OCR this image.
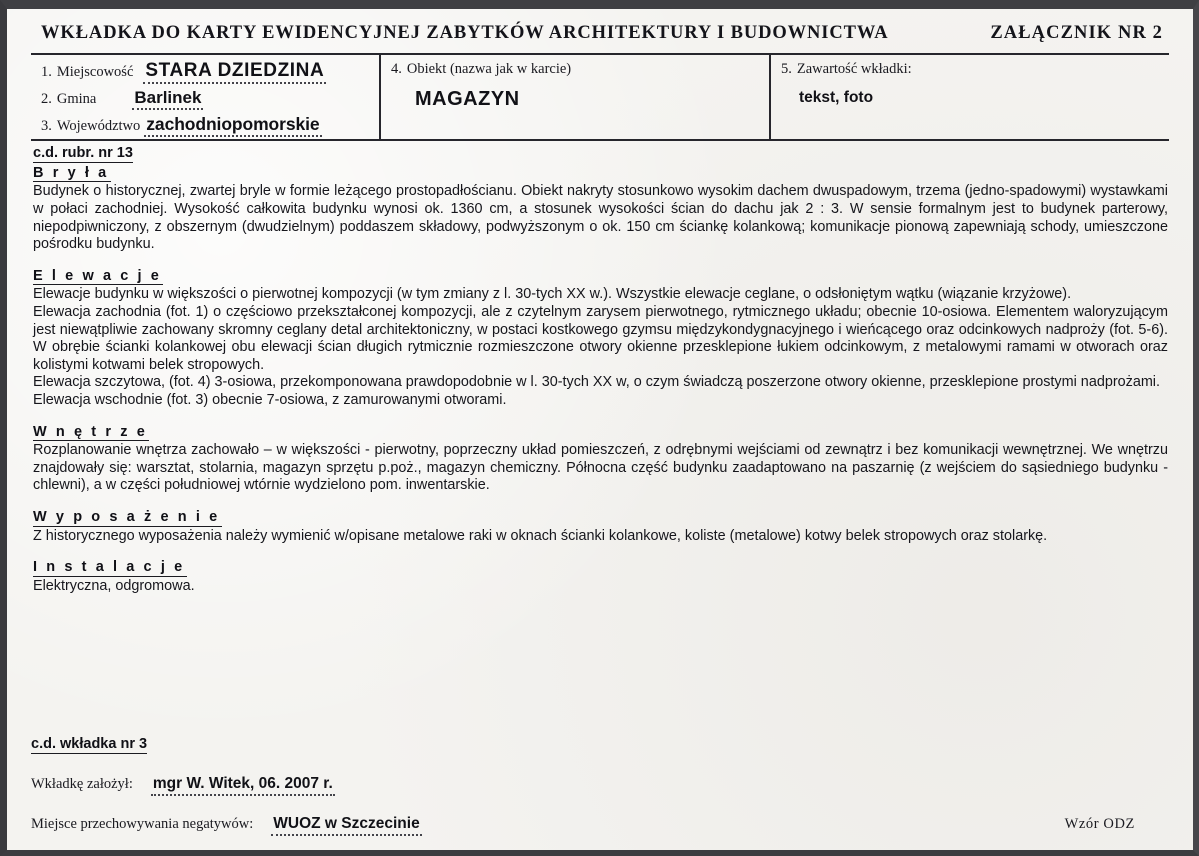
WKŁADKA DO KARTY EWIDENCYJNEJ ZABYTKÓW ARCHITEKTURY I BUDOWNICTWA	ZAŁĄCZNIK NR 2
1. Miejscowość STARA DZIEDZINA
2. Gmina Barlinek
3. Województwo zachodniopomorskie
4. Obiekt (nazwa jak w karcie)
MAGAZYN
5. Zawartość wkładki:
tekst, foto
c.d. rubr. nr 13
B r y ł a

Budynek o historycznej, zwartej bryle w formie leżącego prostopadłościanu. Obiekt nakryty stosunkowo wysokim dachem dwuspadowym, trzema (jedno-spadowymi) wystawkami w połaci zachodniej. Wysokość całkowita budynku wynosi ok. 1360 cm, a stosunek wysokości ścian do dachu jak 2 : 3. W sensie formalnym jest to budynek parterowy, niepodpiwniczony, z obszernym (dwudzielnym) poddaszem składowy, podwyższonym o ok. 150 cm ściankę kolankową; komunikacje pionową zapewniają schody, umieszczone pośrodku budynku.

E l e w a c j e

Elewacje budynku w większości o pierwotnej kompozycji (w tym zmiany z l. 30-tych XX w.). Wszystkie elewacje ceglane, o odsłoniętym wątku (wiązanie krzyżowe).

Elewacja zachodnia (fot. 1) o częściowo przekształconej kompozycji, ale z czytelnym zarysem pierwotnego, rytmicznego układu; obecnie 10-osiowa. Elementem waloryzującym jest niewątpliwie zachowany skromny ceglany detal architektoniczny, w postaci kostkowego gzymsu międzykondygnacyjnego i wieńcącego oraz odcinkowych nadproży (fot. 5-6). W obrębie ścianki kolankowej obu elewacji ścian długich rytmicznie rozmieszczone otwory okienne przesklepione łukiem odcinkowym, z metalowymi ramami w otworach oraz kolistymi kotwami belek stropowych.

Elewacja szczytowa, (fot. 4) 3-osiowa, przekomponowana prawdopodobnie w l. 30-tych XX w, o czym świadczą poszerzone otwory okienne, przesklepione prostymi nadprożami.

Elewacja wschodnie (fot. 3) obecnie 7-osiowa, z zamurowanymi otworami.

W n ę t r z e

Rozplanowanie wnętrza zachowało – w większości - pierwotny, poprzeczny układ pomieszczeń, z odrębnymi wejściami od zewnątrz i bez komunikacji wewnętrznej. We wnętrzu znajdowały się: warsztat, stolarnia, magazyn sprzętu p.poż., magazyn chemiczny. Północna część budynku zaadaptowano na paszarnię (z wejściem do sąsiedniego budynku - chlewni), a w części południowej wtórnie wydzielono pom. inwentarskie.

W y p o s a ż e n i e

Z historycznego wyposażenia należy wymienić w/opisane metalowe raki w oknach ścianki kolankowe, koliste (metalowe) kotwy belek stropowych oraz stolarkę.

I n s t a l a c j e

Elektryczna, odgromowa.

c.d. wkładka nr 3
Wkładkę założył: mgr W. Witek, 06. 2007 r.
Miejsce przechowywania negatywów: WUOZ w Szczecinie	Wzór ODZ
